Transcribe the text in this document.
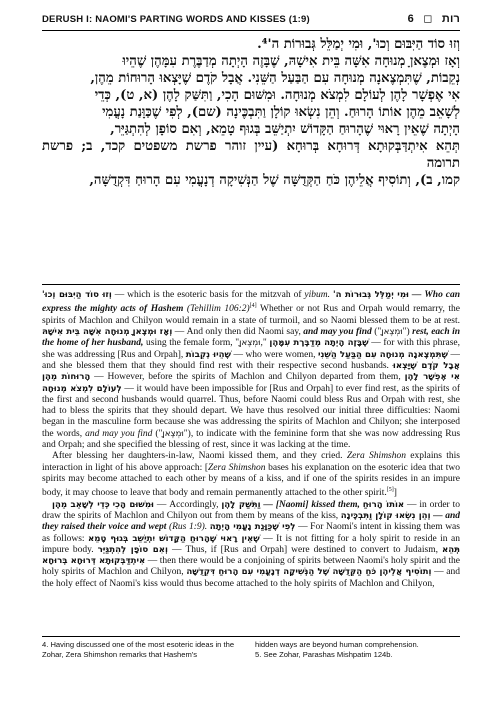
DERUSH I: NAOMI'S PARTING WORDS AND KISSES (1:9)	רות ◻ 6

וְזוּ סוֹד הַיִּבּוּם וְכוּ', וּמִי יְמַלֵּל גְּבוּרוֹת ה'⁴.

וְאָז וּמְצֶאןָ מְנוּחָה אִשָּׁה בֵּית אִישָׁהּ, שֶׁבָּזֶה הָיְתָה מְדַבֶּרֶת עִמָּהֶן שֶׁהֵיוּ

נְקֵבוֹת, שֶׁתִּמְצֶאנָה מְנוּחָה עִם הַבַּעַל הַשֵּׁנִי. אֲבָל קֹדֶם שֶׁיָּצְאוּ הָרוּחוֹת מֵהֶן,

אִי אֶפְשָׁר לָהֶן לְעוֹלָם לִמְצֹא מְנוּחָה. וּמִשּׁוּם הָכִי, וַתִּשַּׁק לָהֶן (א, ט), כְּדֵי

לְשָׁאֵב מֵהֶן אוֹתוֹ הָרוּחַ. וְהֵן נִשְׂאוּ קוֹלָן וַתִּבְכֶּינָה (שם), לְפִי שֶׁכַּוָּנַת נָעֳמִי

הָיְתָה שֶׁאֵין רָאוּי שֶׁהָרוּחַ הַקָּדוֹשׁ יִתְיַשֵּׁב בְּגוּף טָמֵא, וְאִם סוֹפָן לְהִתְגַּיֵּר,

תְּהֵא אִיתְדַּבְּקוּתָא דְּרוּחָא בְּרוּחָא (עיין זוהר פרשת משפטים קכד, ב; פרשת תרומה

קמו, ב), וְתוֹסִיף אֲלֵיהֶן כֹּחַ הַקְּדֻשָּׁה שֶׁל הַנְּשִׁיקָה דְנָעֳמִי עִם הָרוּחַ דִּקְדֻשָּׁה,

וְזוּ סוֹד הַיִּבּוּם וְכוּ' — which is the esoteric basis for the mitzvah of yibum. וּמִי יְמַלֵּל גְּבוּרוֹת ה' — Who can express the mighty acts of Hashem (Tehillim 106:2)[4] Whether or not Rus and Orpah would remarry, the spirits of Machlon and Chilyon would remain in a state of turmoil, and so Naomi blessed them to be at rest. וְאָז וּמְצֶאןָ מְנוּחָה אִשָּׁה בֵּית אִישָׁהּ — And only then did Naomi say, and may you find ("וּמְצֶאןָ") rest, each in the home of her husband, using the female form, "וּמְצֶאןָ," שֶׁבָּזֶה הָיְתָה מְדַבֶּרֶת עִמָּהֶן — for with this phrase, she was addressing [Rus and Orpah], שֶׁהֵיוּ נְקֵבוֹת — who were women, שֶׁתִּמְצֶאנָה מְנוּחָה עִם הַבַּעַל הַשֵּׁנִי — and she blessed them that they should find rest with their respective second husbands. אֲבָל קֹדֶם שֶׁיָּצְאוּ הָרוּחוֹת מֵהֶן — However, before the spirits of Machlon and Chilyon departed from them, אִי אֶפְשָׁר לָהֶן לְעוֹלָם לִמְצֹא מְנוּחָה — it would have been impossible for [Rus and Orpah] to ever find rest, as the spirits of the first and second husbands would quarrel. Thus, before Naomi could bless Rus and Orpah with rest, she had to bless the spirits that they should depart. We have thus resolved our initial three difficulties: Naomi began in the masculine form because she was addressing the spirits of Machlon and Chilyon; she interposed the words, and may you find ("וּמְצֶאןָ"), to indicate with the feminine form that she was now addressing Rus and Orpah; and she specified the blessing of rest, since it was lacking at the time.

After blessing her daughters-in-law, Naomi kissed them, and they cried. Zera Shimshon explains this interaction in light of his above approach: [Zera Shimshon bases his explanation on the esoteric idea that two spirits may become attached to each other by means of a kiss, and if one of the spirits resides in an impure body, it may choose to leave that body and remain permanently attached to the other spirit.[5]]

כְּדֵי לְשָׁאֵב מֵהֶן וּמִשּׁוּם הָכִי — Accordingly, וַתִּשַּׁק לָהֶן — [Naomi] kissed them, אוֹתוֹ הָרוּחַ — in order to draw the spirits of Machlon and Chilyon out from them by means of the kiss, וְהֵן נִשְׂאוּ קוֹלָן וַתִּבְכֶּינָה — and they raised their voice and wept (Rus 1:9). לְפִי שֶׁכַּוָּנַת נָעֳמִי הָיְתָה — For Naomi's intent in kissing them was as follows: שֶׁאֵין רָאוּי שֶׁהָרוּחַ הַקָּדוֹשׁ יִתְיַשֵּׁב בְּגוּף טָמֵא — It is not fitting for a holy spirit to reside in an impure body. וְאִם סוֹפָן לְהִתְגַּיֵּר — Thus, if [Rus and Orpah] were destined to convert to Judaism, תְּהֵא אִיתְדַּבְּקוּתָא דְּרוּחָא בְּרוּחָא — then there would be a conjoining of spirits between Naomi's holy spirit and the holy spirits of Machlon and Chilyon, וְתוֹסִיף אֲלֵיהֶן כֹּחַ הַקְּדֻשָּׁה שֶׁל הַנְּשִׁיקָה דְנָעֳמִי עִם הָרוּחַ דִּקְדֻשָּׁה — and the holy effect of Naomi's kiss would thus become attached to the holy spirits of Machlon and Chilyon,

4. Having discussed one of the most esoteric ideas in the Zohar, Zera Shimshon remarks that Hashem's
hidden ways are beyond human comprehension.
5. See Zohar, Parashas Mishpatim 124b.
